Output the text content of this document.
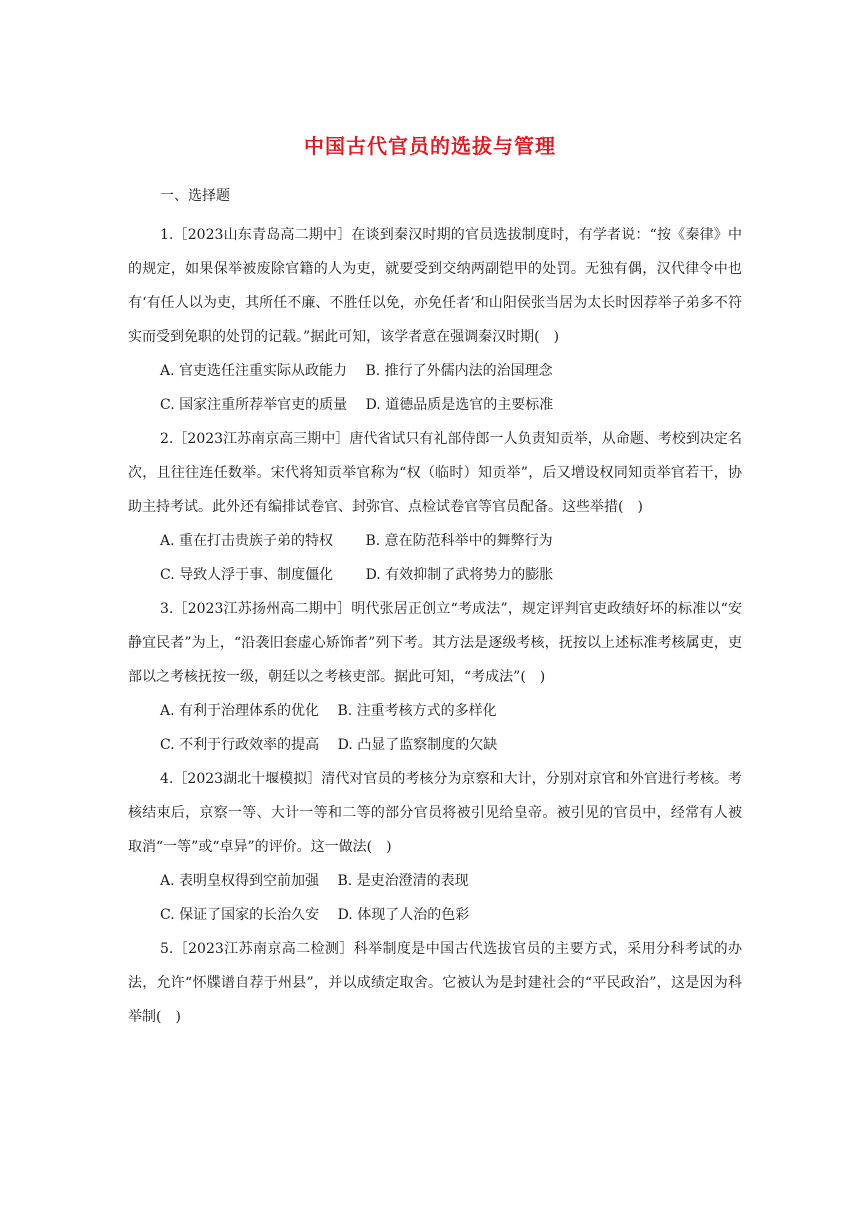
中国古代官员的选拔与管理
一、选择题

1.［2023山东青岛高二期中］在谈到秦汉时期的官员选拔制度时，有学者说：“按《秦律》中的规定，如果保举被废除官籍的人为吏，就要受到交纳两副铠甲的处罚。无独有偶，汉代律令中也有‘有任人以为吏，其所任不廉、不胜任以免，亦免任者’和山阳侯张当居为太长时因荐举子弟多不符实而受到免职的处罚的记载。”据此可知，该学者意在强调秦汉时期(　)

A. 官吏选任注重实际从政能力 B. 推行了外儒内法的治国理念
C. 国家注重所荐举官吏的质量 D. 道德品质是选官的主要标准

2.［2023江苏南京高三期中］唐代省试只有礼部侍郎一人负责知贡举，从命题、考校到决定名次，且往往连任数举。宋代将知贡举官称为“权（临时）知贡举”，后又增设权同知贡举官若干，协助主持考试。此外还有编排试卷官、封弥官、点检试卷官等官员配备。这些举措(　)

A. 重在打击贵族子弟的特权 B. 意在防范科举中的舞弊行为
C. 导致人浮于事、制度僵化 D. 有效抑制了武将势力的膨胀

3.［2023江苏扬州高二期中］明代张居正创立“考成法”，规定评判官吏政绩好坏的标准以“安静宜民者”为上，“沿袭旧套虚心矫饰者”列下考。其方法是逐级考核，抚按以上述标准考核属吏，吏部以之考核抚按一级，朝廷以之考核吏部。据此可知，“考成法”(　)

A. 有利于治理体系的优化 B. 注重考核方式的多样化
C. 不利于行政效率的提高 D. 凸显了监察制度的欠缺

4.［2023湖北十堰模拟］清代对官员的考核分为京察和大计，分别对京官和外官进行考核。考核结束后，京察一等、大计一等和二等的部分官员将被引见给皇帝。被引见的官员中，经常有人被取消“一等”或“卓异”的评价。这一做法(　)

A. 表明皇权得到空前加强 B. 是吏治澄清的表现
C. 保证了国家的长治久安 D. 体现了人治的色彩

5.［2023江苏南京高二检测］科举制度是中国古代选拔官员的主要方式，采用分科考试的办法，允许“怀牒谱自荐于州县”，并以成绩定取舍。它被认为是封建社会的“平民政治”，这是因为科举制(　)
